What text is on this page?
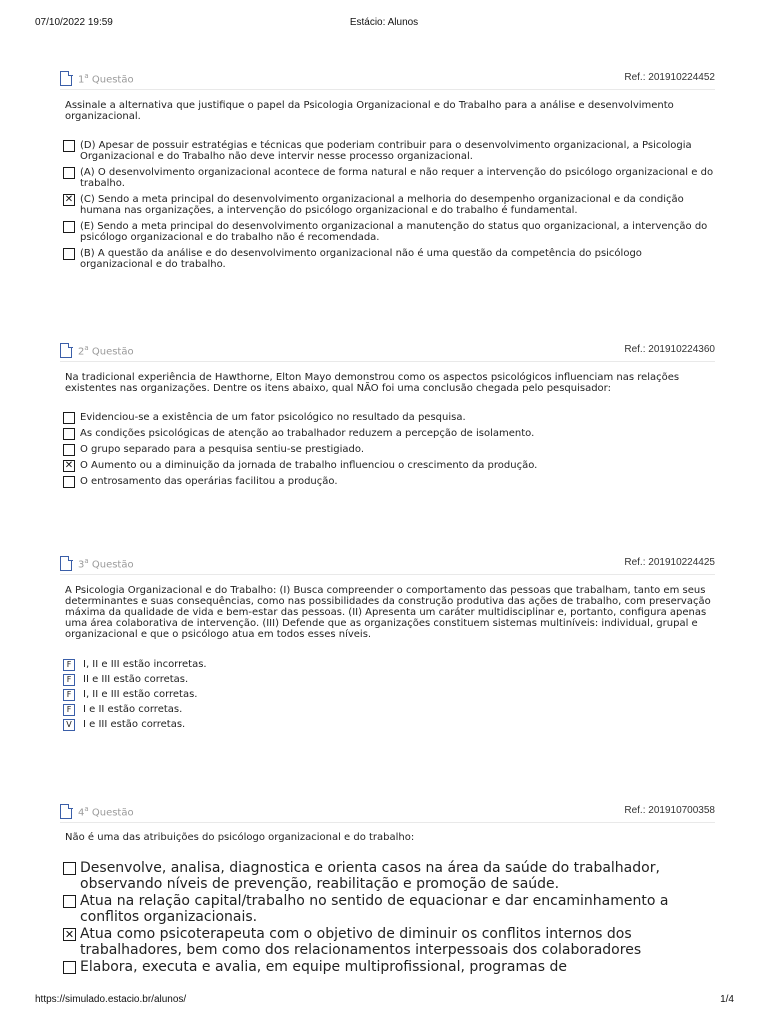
07/10/2022 19:59	Estácio: Alunos
1$^a$ Questão	Ref.: 201910224452
Assinale a alternativa que justifique o papel da Psicologia Organizacional e do Trabalho para a análise e desenvolvimento organizacional.
(D) Apesar de possuir estratégias e técnicas que poderiam contribuir para o desenvolvimento organizacional, a Psicologia Organizacional e do Trabalho não deve intervir nesse processo organizacional.
(A) O desenvolvimento organizacional acontece de forma natural e não requer a intervenção do psicólogo organizacional e do trabalho.
✕ (C) Sendo a meta principal do desenvolvimento organizacional a melhoria do desempenho organizacional e da condição humana nas organizações, a intervenção do psicólogo organizacional e do trabalho é fundamental.
(E) Sendo a meta principal do desenvolvimento organizacional a manutenção do status quo organizacional, a intervenção do psicólogo organizacional e do trabalho não é recomendada.
(B) A questão da análise e do desenvolvimento organizacional não é uma questão da competência do psicólogo organizacional e do trabalho.
2$^a$ Questão	Ref.: 201910224360
Na tradicional experiência de Hawthorne, Elton Mayo demonstrou como os aspectos psicológicos influenciam nas relações existentes nas organizações. Dentre os itens abaixo, qual NÃO foi uma conclusão chegada pelo pesquisador:
Evidenciou-se a existência de um fator psicológico no resultado da pesquisa.
As condições psicológicas de atenção ao trabalhador reduzem a percepção de isolamento.
O grupo separado para a pesquisa sentiu-se prestigiado.
✕ O Aumento ou a diminuição da jornada de trabalho influenciou o crescimento da produção.
O entrosamento das operárias facilitou a produção.
3$^a$ Questão	Ref.: 201910224425
A Psicologia Organizacional e do Trabalho: (I) Busca compreender o comportamento das pessoas que trabalham, tanto em seus determinantes e suas consequências, como nas possibilidades da construção produtiva das ações de trabalho, com preservação máxima da qualidade de vida e bem-estar das pessoas. (II) Apresenta um caráter multidisciplinar e, portanto, configura apenas uma área colaborativa de intervenção. (III) Defende que as organizações constituem sistemas multiníveis: individual, grupal e organizacional e que o psicólogo atua em todos esses níveis.
F	I, II e III estão incorretas.
F	II e III estão corretas.
F	I, II e III estão corretas.
F	I e II estão corretas.
V	I e III estão corretas.
4$^a$ Questão	Ref.: 201910700358
Não é uma das atribuições do psicólogo organizacional e do trabalho:
Desenvolve, analisa, diagnostica e orienta casos na área da saúde do trabalhador, observando níveis de prevenção, reabilitação e promoção de saúde.
Atua na relação capital/trabalho no sentido de equacionar e dar encaminhamento a conflitos organizacionais.
✕ Atua como psicoterapeuta com o objetivo de diminuir os conflitos internos dos trabalhadores, bem como dos relacionamentos interpessoais dos colaboradores
Elabora, executa e avalia, em equipe multiprofissional, programas de
https://simulado.estacio.br/alunos/	1/4
